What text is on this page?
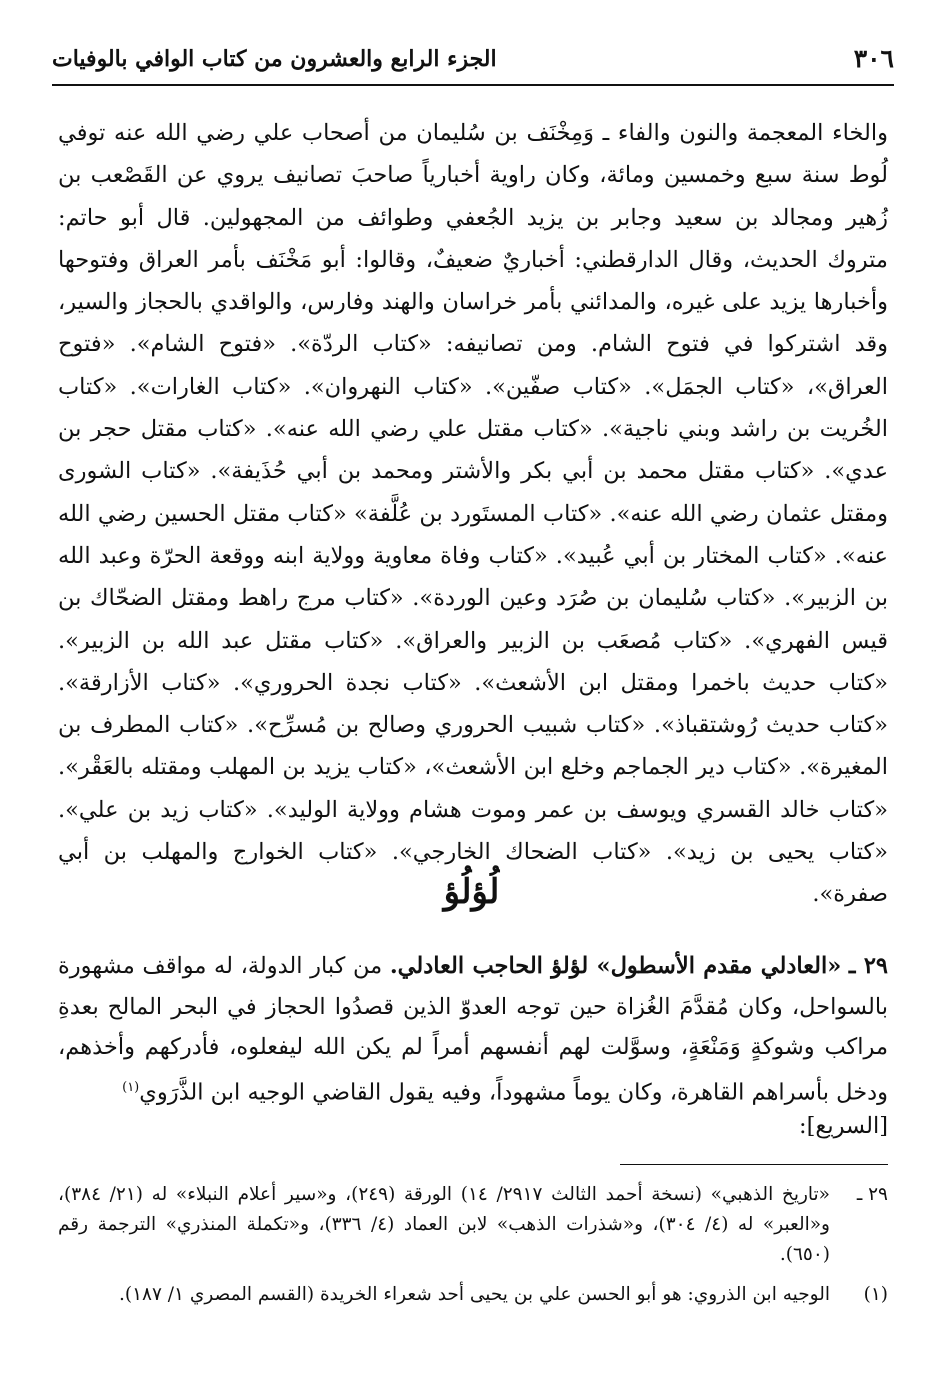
٣٠٦
الجزء الرابع والعشرون من كتاب الوافي بالوفيات

والخاء المعجمة والنون والفاء ـ وَمِخْنَف بن سُليمان من أصحاب علي رضي الله عنه توفي لُوط سنة سبع وخمسين ومائة، وكان راوية أخبارياً صاحبَ تصانيف يروي عن القَصْعب بن زُهير ومجالد بن سعيد وجابر بن يزيد الجُعفي وطوائف من المجهولين. قال أبو حاتم: متروك الحديث، وقال الدارقطني: أخباريٌ ضعيفٌ، وقالوا: أبو مَخْنَف بأمر العراق وفتوحها وأخبارها يزيد على غيره، والمدائني بأمر خراسان والهند وفارس، والواقدي بالحجاز والسير، وقد اشتركوا في فتوح الشام. ومن تصانيفه: «كتاب الردّة». «فتوح الشام». «فتوح العراق»، «كتاب الجمَل». «كتاب صفّين». «كتاب النهروان». «كتاب الغارات». «كتاب الخُريت بن راشد وبني ناجية». «كتاب مقتل علي رضي الله عنه». «كتاب مقتل حجر بن عدي». «كتاب مقتل محمد بن أبي بكر والأشتر ومحمد بن أبي حُذَيفة». «كتاب الشورى ومقتل عثمان رضي الله عنه». «كتاب المستَورد بن عُلَّفة» «كتاب مقتل الحسين رضي الله عنه». «كتاب المختار بن أبي عُبيد». «كتاب وفاة معاوية وولاية ابنه ووقعة الحرّة وعبد الله بن الزبير». «كتاب سُليمان بن صُرَد وعين الوردة». «كتاب مرج راهط ومقتل الضحّاك بن قيس الفهري». «كتاب مُصعَب بن الزبير والعراق». «كتاب مقتل عبد الله بن الزبير». «كتاب حديث باخمرا ومقتل ابن الأشعث». «كتاب نجدة الحروري». «كتاب الأزارقة». «كتاب حديث رُوشتقباذ». «كتاب شبيب الحروري وصالح بن مُسرِّح». «كتاب المطرف بن المغيرة». «كتاب دير الجماجم وخلع ابن الأشعث»، «كتاب يزيد بن المهلب ومقتله بالعَقْر». «كتاب خالد القسري ويوسف بن عمر وموت هشام وولاية الوليد». «كتاب زيد بن علي». «كتاب يحيى بن زيد». «كتاب الضحاك الخارجي». «كتاب الخوارج والمهلب بن أبي صفرة».

لُؤلُؤ

٢٩ ـ «العادلي مقدم الأسطول» لؤلؤ الحاجب العادلي. من كبار الدولة، له مواقف مشهورة بالسواحل، وكان مُقدَّمَ الغُزاة حين توجه العدوّ الذين قصدُوا الحجاز في البحر المالح بعدةِ مراكب وشوكةٍ وَمَنْعَةٍ، وسوَّلت لهم أنفسهم أمراً لم يكن الله ليفعلوه، فأدركهم وأخذهم، ودخل بأسراهم القاهرة، وكان يوماً مشهوداً، وفيه يقول القاضي الوجيه ابن الذَّرَوي$^{(١)}$

[السريع]:
٢٩ ـ
«تاريخ الذهبي» (نسخة أحمد الثالث ٢٩١٧/ ١٤) الورقة (٢٤٩)، و«سير أعلام النبلاء» له (٢١/ ٣٨٤)، و«العبر» له (٤/ ٣٠٤)، و«شذرات الذهب» لابن العماد (٤/ ٣٣٦)، و«تكملة المنذري» الترجمة رقم (٦٥٠).
(١)
الوجيه ابن الذروي: هو أبو الحسن علي بن يحيى أحد شعراء الخريدة (القسم المصري ١/ ١٨٧).
